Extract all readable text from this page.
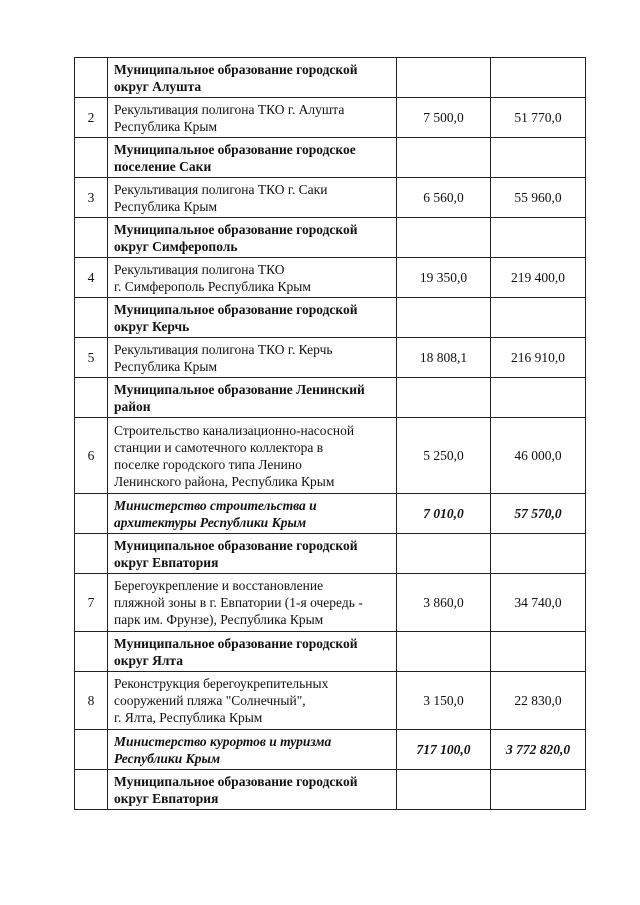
	Муниципальное образование городской
округ Алушта		
2	Рекультивация полигона ТКО г. Алушта
Республика Крым	7 500,0	51 770,0
	Муниципальное образование городское
поселение Саки		
3	Рекультивация полигона ТКО г. Саки
Республика Крым	6 560,0	55 960,0
	Муниципальное образование городской
округ Симферополь		
4	Рекультивация полигона ТКО
г. Симферополь Республика Крым	19 350,0	219 400,0
	Муниципальное образование городской
округ Керчь		
5	Рекультивация полигона ТКО г. Керчь
Республика Крым	18 808,1	216 910,0
	Муниципальное образование Ленинский
район		
6	Строительство канализационно-насосной
станции и самотечного коллектора в
поселке городского типа Ленино
Ленинского района, Республика Крым	5 250,0	46 000,0
	Министерство строительства и
архитектуры Республики Крым	7 010,0	57 570,0
	Муниципальное образование городской
округ Евпатория		
7	Берегоукрепление и восстановление
пляжной зоны в г. Евпатории (1-я очередь -
парк им. Фрунзе), Республика Крым	3 860,0	34 740,0
	Муниципальное образование городской
округ Ялта		
8	Реконструкция берегоукрепительных
сооружений пляжа "Солнечный",
г. Ялта, Республика Крым	3 150,0	22 830,0
	Министерство курортов и туризма
Республики Крым	717 100,0	3 772 820,0
	Муниципальное образование городской
округ Евпатория		
